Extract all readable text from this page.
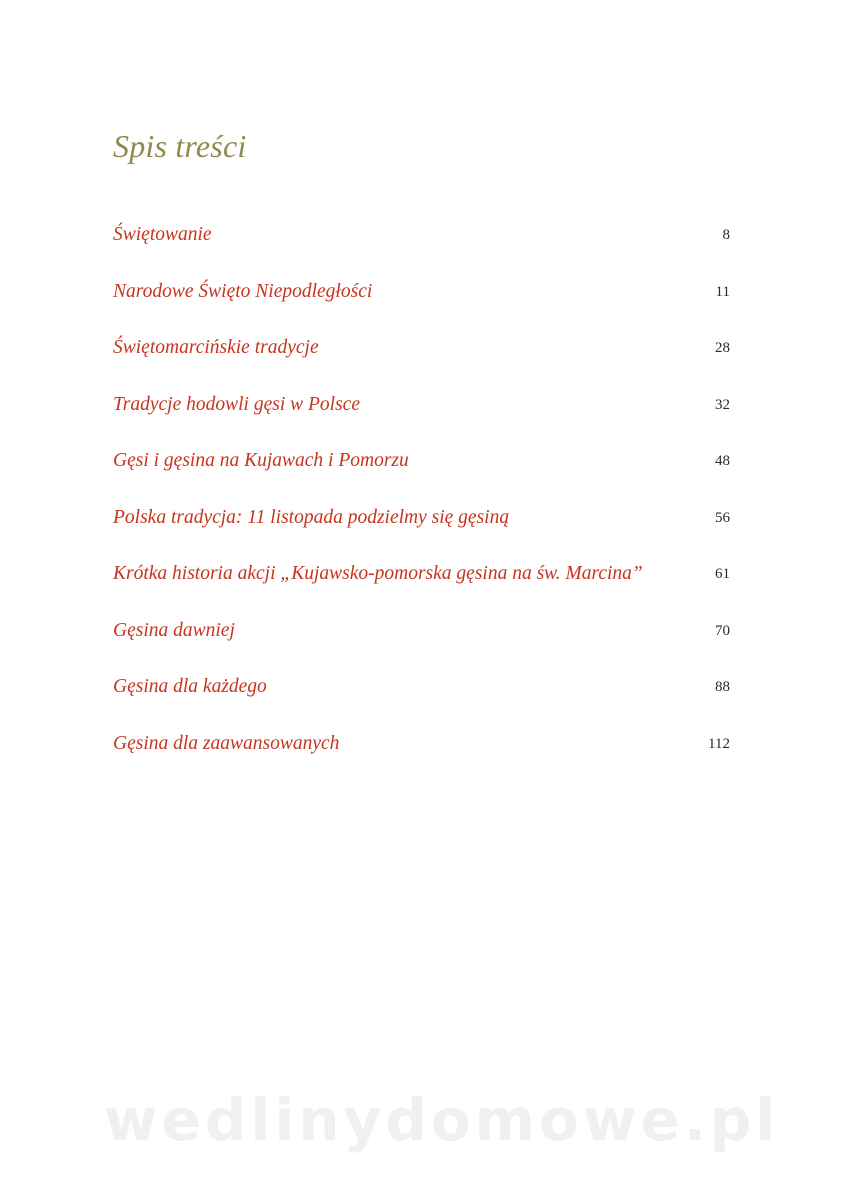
Spis treści
Świętowanie	8
Narodowe Święto Niepodległości	11
Świętomarcińskie tradycje	28
Tradycje hodowli gęsi w Polsce	32
Gęsi i gęsina na Kujawach i Pomorzu	48
Polska tradycja: 11 listopada podzielmy się gęsiną	56
Krótka historia akcji „Kujawsko-pomorska gęsina na św. Marcina”	61
Gęsina dawniej	70
Gęsina dla każdego	88
Gęsina dla zaawansowanych	112
wedlinydomowe.pl
